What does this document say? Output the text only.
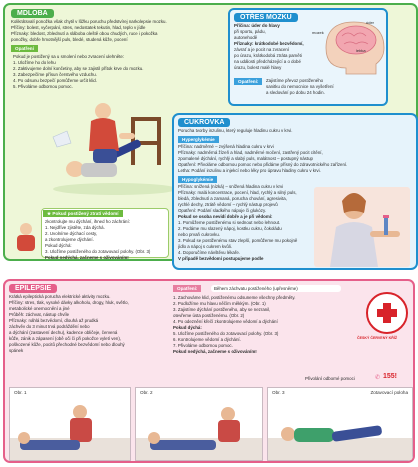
MDLOBA
Kolikrátsvalí ponožka však chytil v lůžku poruchu předstvírej narkolepsie mozku.
Příčiny: bolest, vyčerpání, stres, nedostatek tekutin, hlad, teplo v jídle
Příznaky: bledost, zblednutí a sláboba oleště obou chudých, ruce i pokožka
ponožky, dobře hmotnější puls, bledé, studená kůže, pocení
Opatření
Pokud je postižený sa u smolení nebo zvracení ulehněte:
1. Uložíme ho do lehu
2. Zaktivujeme dolní končetiny, aby se zajistil přítok krve do mozku.
3. Zabezpečíme přísun čerstvého vzduchu.
4. Po odsunu bezpečí pomůžeme určit klid.
5. Přivoláme odbornou pomoc.
★ Pokud postižený ztratí vědomí
zkontrolujte mu dýchání, ihned ho záchrání:
1. Nejdříve zjistěte, zda dýchá.
2. Uvolníme dýchací cesty,
a zkontrolujeme dýchání.
Pokud dýchá:
3. Uložíme postiženého do zotavovací polohy. (Obr. 3)
Pokud nedýchá, začneme s oživováním!
OTŘES MOZKU
Příčina: úder do hlavy
při sportu, pádu,
autonehodě
Příznaky: krátkodobé bezvědomí,
závrať a je pocit na zvracení
po úrazu, krátkodobá ztráta paměti
na události předcházející a o dobé
úrazu, bolest malé hlavy
Opatření:	Zajistíme převoz postiženého
sanitku do nemocnice na vyšetření
a sledování po dobu 24 hodin.
mozek
úder
lebka
CUKROVKA
Porucha tvorby inzulinu, který reguluje hladinu cukru v krvi.
Hyperglykémie
Příčina: nadměrné – zvýšená hladina cukru v krvi
Příznaky: nadměrná žízeň a hlad, nadměrné močení, zastřený pocit cítění,
zpomalené dýchání, rychlý a slabý puls, malátnost – postupný nástup
Opatření: Přivoláme odbornou pomoc nebo přidáme přísný do zdravotnického zařízení.
Letha: Podání inzulinu a injekcí nebo léky pro úpravu hladiny cukru v krvi.
Hypoglykémie
Příčina: snížená (nízká) – snížená hladina cukru v krvi
Příznaky: malá koncentrace, pocení, hlad, rychlý a silný puls,
bledá, zblednutí a zamaná, porucha chování, agresivita,
rychlé dechy, ztrátě vědomí – rychlý nástup projevů
Opatření: Podání sladkého nápoje či glukózy.
Pokud se osoba nevidí dobře a je při vědomí:
1. Pomůžeme postiženému si sednout nebo lehnout.
2. Podáme mu slazený nápoj, kostku cukru, čokoládu
nebo prvaň cukrovku.
3. Pokud se postiženému stav zlepší, pomůžeme mu pokojně
jídlo a nápoj s cukrem kvůli.
4. Doporučíme návštěvu lékaře.
V případě bezvědomí postupujeme podle
EPILEPSIE
Krátká epileptická porucha elektrické aktivity mozku.
Příčiny: stres, tlak, vysoké dávky alkoholu, drogy, hluk, světlo,
metabolické onemocnění a jiné
Průběh: záchvat, nástup chvíle
Příznaky: náhlá bezvědomí, dlouhá až prudká
záchvěv do 3 minut trvá podráždění nebo
a dýchání (zastavení dechu), kadence obličeje, červená
kůže, zánik a zápasení (obě oči či při pokožce vyletí ven),
poškozené kůže, pocitů přechodné bezvědomí nebo dlouhý
spánek
Opatření:	Během záchvatu postiženého (upřesněme)
1. Zachováme klid, postiženému odsuneme všechny předměty.
2. Podložíme mu hlavu něčím měkkým. (Obr. 1)
3. Zajistíme dýchání postiženého, aby se nezranil,
otevřeme ústa postiženému. (Obr. 2)
4. Po odeznění křečí zkontrolujeme vědomí a dýchání
Pokud dýchá:
5. Uložíme postiženého do zotavovací polohy. (Obr. 3)
6. Kontrolujeme vědomí a dýchání.
7. Přivoláme odbornou pomoc.
Pokud nedýchá, začneme s oživováním!
ČESKÝ ČERVENÝ KŘÍŽ
Přivolání odborné pomoci	✆ 155!
Obr. 1	Obr. 2	Obr. 3	Zotavovací poloha
